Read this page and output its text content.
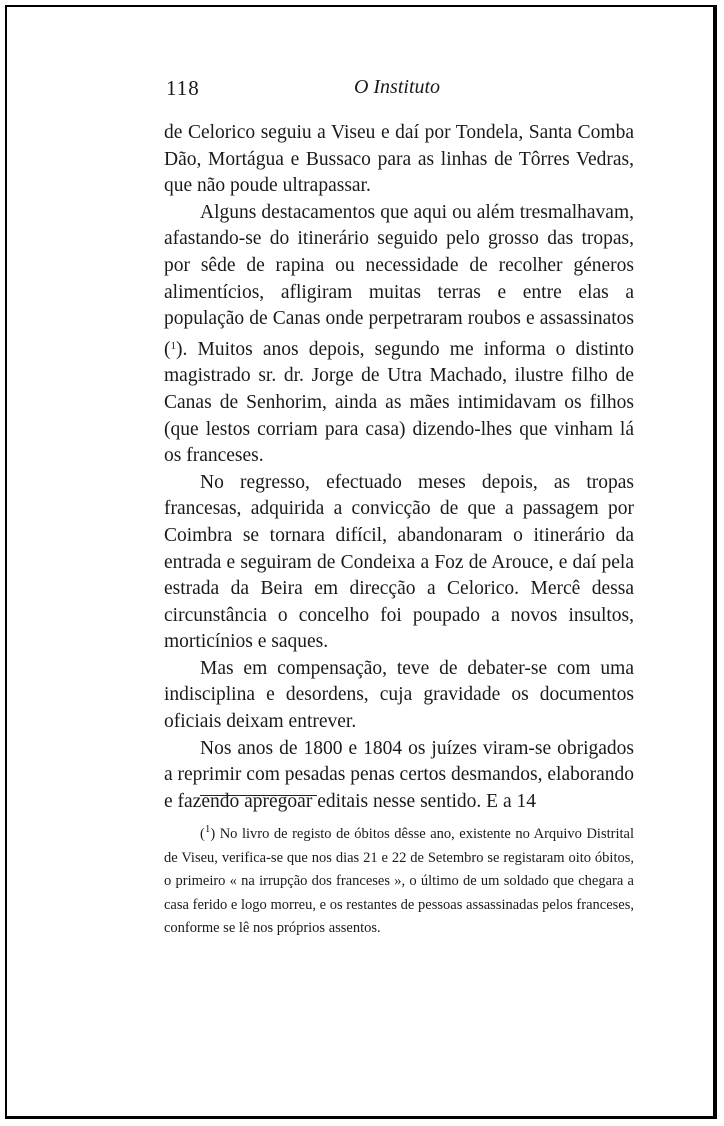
118	O Instituto

de Celorico seguiu a Viseu e daí por Tondela, Santa Comba Dão, Mortágua e Bussaco para as linhas de Tôrres Vedras, que não poude ultrapassar.

Alguns destacamentos que aqui ou além tresmalhavam, afastando-se do itinerário seguido pelo grosso das tropas, por sêde de rapina ou necessidade de recolher géneros alimentícios, afligiram muitas terras e entre elas a população de Canas onde perpetraram roubos e assassinatos ($^1$). Muitos anos depois, segundo me informa o distinto magistrado sr. dr. Jorge de Utra Machado, ilustre filho de Canas de Senhorim, ainda as mães intimidavam os filhos (que lestos corriam para casa) dizendo-lhes que vinham lá os franceses.

No regresso, efectuado meses depois, as tropas francesas, adquirida a convicção de que a passagem por Coimbra se tornara difícil, abandonaram o itinerário da entrada e seguiram de Condeixa a Foz de Arouce, e daí pela estrada da Beira em direcção a Celorico. Mercê dessa circunstância o concelho foi poupado a novos insultos, morticínios e saques.

Mas em compensação, teve de debater-se com uma indisciplina e desordens, cuja gravidade os documentos oficiais deixam entrever.

Nos anos de 1800 e 1804 os juízes viram-se obrigados a reprimir com pesadas penas certos desmandos, elaborando e fazendo apregoar editais nesse sentido. E a 14

($^1$) No livro de registo de óbitos dêsse ano, existente no Arquivo Distrital de Viseu, verifica-se que nos dias 21 e 22 de Setembro se registaram oito óbitos, o primeiro « na irrupção dos franceses », o último de um soldado que chegara a casa ferido e logo morreu, e os restantes de pessoas assassinadas pelos franceses, conforme se lê nos próprios assentos.
